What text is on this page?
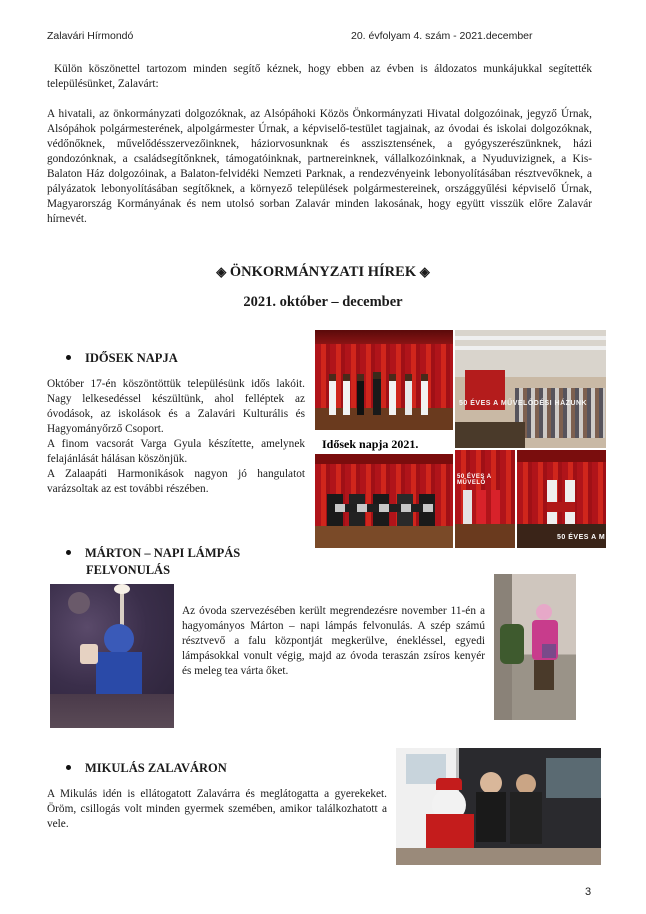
Zalavári Hírmondó	20. évfolyam 4. szám - 2021.december

Külön köszönettel tartozom minden segítő kéznek, hogy ebben az évben is áldozatos munkájukkal segítették településünket, Zalavárt:

A hivatali, az önkormányzati dolgozóknak, az Alsópáhoki Közös Önkormányzati Hivatal dolgozóinak, jegyző Úrnak, Alsópáhok polgármesterének, alpolgármester Úrnak, a képviselő-testület tagjainak, az óvodai és iskolai dolgozóknak, védőnőknek, művelődésszervezőinknek, háziorvosunknak és asszisztensének, a gyógyszerészünknek, házi gondozónknak, a családsegítőnknek, támogatóinknak, partnereinknek, vállalkozóinknak, a Nyuduvizignek, a Kis-Balaton Ház dolgozóinak, a Balaton-felvidéki Nemzeti Parknak, a rendezvényeink lebonyolításában résztvevőknek, a pályázatok lebonyolításában segítőknek, a környező települések polgármestereinek, országgyűlési képviselő Úrnak, Magyarország Kormányának és nem utolsó sorban Zalavár minden lakosának, hogy együtt visszük előre Zalavár hírnevét.

◈ ÖNKORMÁNYZATI HÍREK ◈
2021. október – december
IDŐSEK NAPJA

Október 17-én köszöntöttük településünk idős lakóit. Nagy lelkesedéssel készültünk, ahol felléptek az óvodások, az iskolások és a Zalavári Kulturális és Hagyományőrző Csoport.
A finom vacsorát Varga Gyula készítette, amelynek felajánlását hálásan köszönjük.
A Zalaapáti Harmonikások nagyon jó hangulatot varázsoltak az est további részében.

50 ÉVES A MŰVELŐDÉSI HÁZUNK
Idősek napja 2021.
50 ÉVES A MŰVELŐ
50 ÉVES A M
MÁRTON – NAPI LÁMPÁS
FELVONULÁS

Az óvoda szervezésében került megrendezésre november 11-én a hagyományos Márton – napi lámpás felvonulás. A szép számú résztvevő a falu központját megkerülve, énekléssel, egyedi lámpásokkal vonult végig, majd az óvoda teraszán zsíros kenyér és meleg tea várta őket.

MIKULÁS ZALAVÁRON

A Mikulás idén is ellátogatott Zalavárra és meglátogatta a gyerekeket. Öröm, csillogás volt minden gyermek szemében, amikor találkozhatott a vele.

3
